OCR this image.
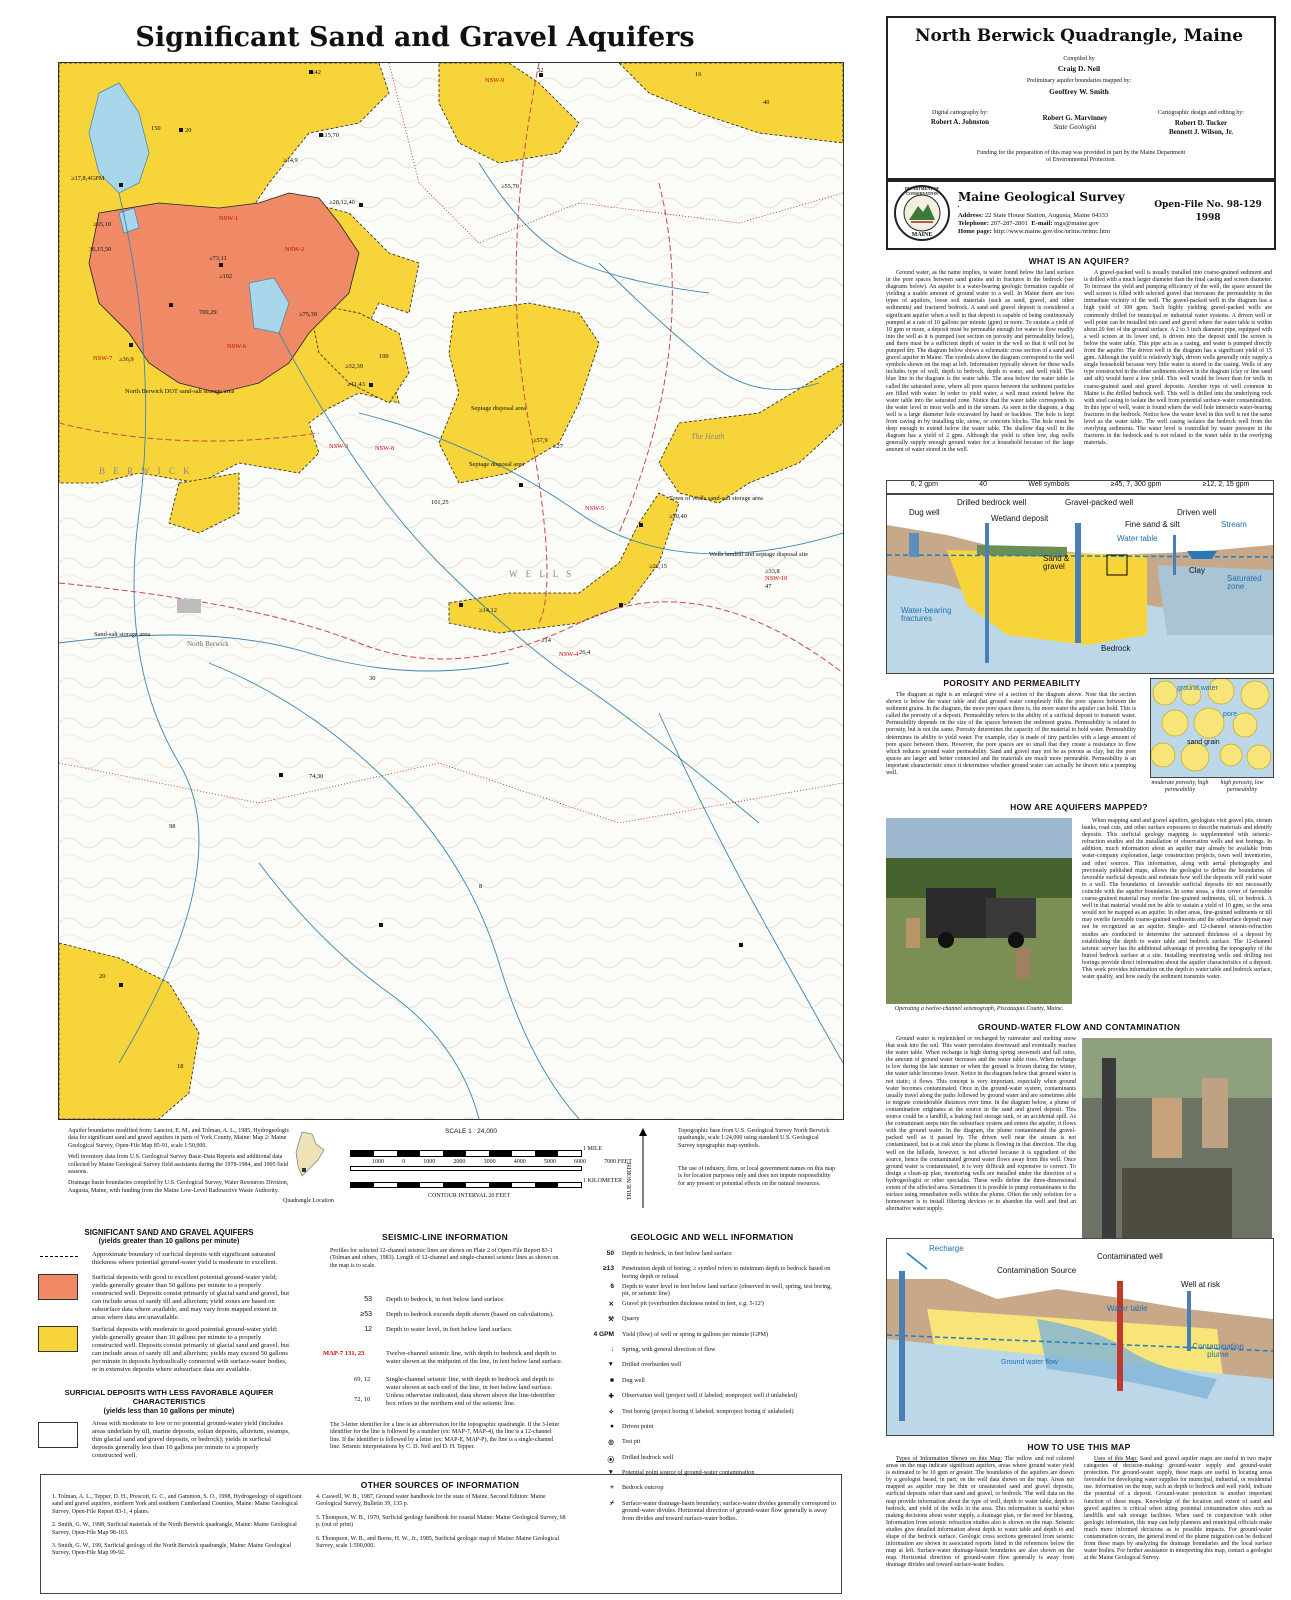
Significant Sand and Gravel Aquifers
North Berwick DOT sand-salt storage area
Septage disposal area
Septage disposal area
Town of Wells sand-salt storage area
Wells landfill and septage disposal site
Sand-salt storage area
W E L L S
B E R W I C K
North Berwick
The Heath
NSW-1
NSW-2
NSW-3
NSW-4
NSW-5
NSW-6
NSW-7
NSW-8
NSW-9
NSW-10
≥42	32
16
40
150	20
≥15,70
≥14,9
≥55,70
≥28,12,40
≥17,8,4GPM
≥65,10
36,15,50
≥73,11
≥102
700,29
≥36,9
≥75,30
≥32,39
≥41,43
100
≥57,9
≥27
74,30
101,25
≥50,40
≥14,12
≥22,15
≥14
26,4
≥33,8
47
20
18
30
98
8
Aquifer boundaries modified from: Lanctot, E. M., and Tolman, A. L., 1985, Hydrogeologic data for significant sand and gravel aquifers in parts of York County, Maine: Map 2: Maine Geological Survey, Open-File Map 85-91, scale 1:50,000.
Well inventory data from U.S. Geological Survey Basic-Data Reports and additional data collected by Maine Geological Survey field assistants during the 1978-1984, and 1995 field seasons.
Drainage basin boundaries compiled by U.S. Geological Survey, Water Resources Division, Augusta, Maine, with funding from the Maine Low-Level Radioactive Waste Authority.
Quadrangle Location
SCALE 1 : 24,000
1 MILE
1000	0	1000	2000	3000	4000	5000	6000	7000 FEET
1 KILOMETER
CONTOUR INTERVAL 20 FEET	TRUE NORTH
Topographic base from U.S. Geological Survey North Berwick quadrangle, scale 1:24,000 using standard U.S. Geological Survey topographic map symbols.
The use of industry, firm, or local government names on this map is for location purposes only and does not impute responsibility for any present or potential effects on the natural resources.
SIGNIFICANT SAND AND GRAVEL AQUIFERS
(yields greater than 10 gallons per minute)
Approximate boundary of surficial deposits with significant saturated thickness where potential ground-water yield is moderate to excellent.
Surficial deposits with good to excellent potential ground-water yield; yields generally greater than 50 gallons per minute to a properly constructed well. Deposits consist primarily of glacial sand and gravel, but can include areas of sandy till and alluvium; yield zones are based on subsurface data where available, and may vary from mapped extent in areas where data are unavailable.
Surficial deposits with moderate to good potential ground-water yield; yields generally greater than 10 gallons per minute to a properly constructed well. Deposits consist primarily of glacial sand and gravel, but can include areas of sandy till and alluvium; yields may exceed 50 gallons per minute in deposits hydraulically connected with surface-water bodies, or in extensive deposits where subsurface data are available.
SURFICIAL DEPOSITS WITH LESS FAVORABLE AQUIFER CHARACTERISTICS
(yields less than 10 gallons per minute)
Areas with moderate to low or no potential ground-water yield (includes areas underlain by till, marine deposits, eolian deposits, alluvium, swamps, thin glacial sand and gravel deposits, or bedrock); yields in surficial deposits generally less than 10 gallons per minute to a properly constructed well.
SEISMIC-LINE INFORMATION
Profiles for selected 12-channel seismic lines are shown on Plate 2 of Open-File Report 83-1 (Tolman and others, 1983). Length of 12-channel and single-channel seismic lines as shown on the map is to scale.
53 Depth to bedrock, in feet below land surface.
≥53 Depth to bedrock exceeds depth shown (based on calculations).
12 Depth to water level, in feet below land surface.
MAP-7 131, 23	Twelve-channel seismic line, with depth to bedrock and depth to water shown at the midpoint of the line, in feet below land surface.
69, 12
72, 10
Single-channel seismic line, with depth to bedrock and depth to water shown at each end of the line, in feet below land surface. Unless otherwise indicated, data shown above the line-identifier box refers to the northern end of the seismic line.
The 3-letter identifier for a line is an abbreviation for the topographic quadrangle. If the 3-letter identifier for the line is followed by a number (ex: MAP-7, MAP-4), the line is a 12-channel line. If the identifier is followed by a letter (ex: MAP-E, MAP-P), the line is a single-channel line. Seismic interpretations by C. D. Neil and D. H. Tepper.
GEOLOGIC AND WELL INFORMATION
50	Depth to bedrock, in feet below land surface
≥13	Penetration depth of boring; ≥ symbol refers to minimum depth to bedrock based on boring depth or refusal
6	Depth to water level in feet below land surface (observed in well, spring, test boring, pit, or seismic line)
✕	Gravel pit (overburden thickness noted in feet, e.g. 5-12')
⚒	Quarry
4 GPM	Yield (flow) of well or spring in gallons per minute (GPM)
↓	Spring, with general direction of flow
▼	Drilled overburden well
■	Dug well
✚	Observation well (project well if labeled; nonproject well if unlabeled)
✧	Test boring (project boring if labeled; nonproject boring if unlabeled)
●	Driven point
◎	Test pit
⦿	Drilled bedrock well
▼	Potential point source of ground-water contamination
+	Bedrock outcrop
⌿	Surface-water drainage-basin boundary; surface-water divides generally correspond to ground-water divides. Horizontal direction of ground-water flow generally is away from divides and toward surface-water bodies.
OTHER SOURCES OF INFORMATION
1. Tolman, A. L., Tepper, D. H., Prescott, G. C., and Gammon, S. O., 1998, Hydrogeology of significant sand and gravel aquifers, northern York and southern Cumberland Counties, Maine: Maine Geological Survey, Open-File Report 83-1, 4 plates.
2. Smith, G. W., 1998, Surficial materials of the North Berwick quadrangle, Maine: Maine Geological Survey, Open-File Map 98-163.
3. Smith, G. W., 199, Surficial geology of the North Berwick quadrangle, Maine: Maine Geological Survey, Open-File Map 99-92.
4. Caswell, W. B., 1987, Ground water handbook for the state of Maine, Second Edition: Maine Geological Survey, Bulletin 39, 135 p.
5. Thompson, W. B., 1979, Surficial geology handbook for coastal Maine: Maine Geological Survey, 68 p. (out of print)
6. Thompson, W. B., and Borns, H. W., Jr., 1985, Surficial geologic map of Maine: Maine Geological Survey, scale 1:500,000.
North Berwick Quadrangle, Maine
Compiled by
Craig D. Neil
Preliminary aquifer boundaries mapped by:
Geoffrey W. Smith
Digital cartography by:
Robert A. Johnston	Robert G. Marvinney
State Geologist
Cartographic design and editing by:
Robert D. Tucker
Bennett J. Wilson, Jr.
Funding for the preparation of this map was provided in part by the Maine Department of Environmental Protection.
DEPARTMENT OF CONSERVATION
MAINE
Maine Geological Survey
Address: 22 State House Station, Augusta, Maine 04333
Telephone: 207-287-2801 E-mail: mgs@maine.gov
Home page: http://www.maine.gov/doc/nrimc/nrimc.htm
Open-File No. 98-129
1998
WHAT IS AN AQUIFER?

Ground water, as the name implies, is water found below the land surface in the pore spaces between sand grains and in fractures in the bedrock (see diagrams below). An aquifer is a water-bearing geologic formation capable of yielding a usable amount of ground water to a well. In Maine there are two types of aquifers, loose soil materials (such as sand, gravel, and other sediments) and fractured bedrock. A sand and gravel deposit is considered a significant aquifer when a well in that deposit is capable of being continuously pumped at a rate of 10 gallons per minute (gpm) or more. To sustain a yield of 10 gpm or more, a deposit must be permeable enough for water to flow readily into the well as it is pumped (see section on porosity and permeability below), and there must be a sufficient depth of water in the well so that it will not be pumped dry. The diagram below shows a schematic cross section of a sand and gravel aquifer in Maine. The symbols above the diagram correspond to the well symbols shown on the map at left. Information typically shown for these wells includes type of well, depth to bedrock, depth to water, and well yield. The blue line in the diagram is the water table. The area below the water table is called the saturated zone, where all pore spaces between the sediment particles are filled with water. In order to yield water, a well must extend below the water table into the saturated zone. Notice that the water table corresponds to the water level in most wells and in the stream. As seen in the diagram, a dug well is a large diameter hole excavated by hand or backhoe. The hole is kept from caving in by installing tile, stone, or concrete blocks. The hole must be deep enough to extend below the water table. The shallow dug well in the diagram has a yield of 2 gpm. Although the yield is often low, dug wells generally supply enough ground water for a household because of the large amount of water stored in the well.

A gravel-packed well is usually installed into coarse-grained sediment and is drilled with a much larger diameter than the final casing and screen diameter. To increase the yield and pumping efficiency of the well, the space around the well screen is filled with selected gravel that increases the permeability in the immediate vicinity of the well. The gravel-packed well in the diagram has a high yield of 300 gpm. Such highly yielding gravel-packed wells are commonly drilled for municipal or industrial water systems. A driven well or well point can be installed into sand and gravel where the water table is within about 20 feet of the ground surface. A 2 to 3 inch diameter pipe, equipped with a well screen at its lower end, is driven into the deposit until the screen is below the water table. This pipe acts as a casing, and water is pumped directly from the aquifer. The driven well in the diagram has a significant yield of 15 gpm. Although the yield is relatively high, driven wells generally only supply a single household because very little water is stored in the casing. Wells of any type constructed in the other sediments shown in the diagram (clay or fine sand and silt) would have a low yield. This well would be lower than for wells in coarse-grained sand and gravel deposits. Another type of well common in Maine is the drilled bedrock well. This well is drilled into the underlying rock with steel casing to isolate the well from potential surface-water contamination. In this type of well, water is found where the well hole intersects water-bearing fractures in the bedrock. Notice how the water level in this well is not the same level as the water table. The well casing isolates the bedrock well from the overlying sediments. The water level is controlled by water pressure in the fractures in the bedrock and is not related to the water table in the overlying materials.

6, 2 gpm	40	Well symbols	≥45, 7, 300 gpm	≥12, 2, 15 gpm
Dug well
Drilled bedrock well	Gravel-packed well
Driven well
Wetland deposit
Fine sand & silt	Stream
Water table
Sand & gravel	Clay
Saturated zone
Water-bearing fractures
Bedrock
POROSITY AND PERMEABILITY

The diagram at right is an enlarged view of a section of the diagram above. Note that the section shown is below the water table and that ground water completely fills the pore spaces between the sediment grains. In the diagram, the more pore space there is, the more water the aquifer can hold. This is called the porosity of a deposit. Permeability refers to the ability of a surficial deposit to transmit water. Permeability depends on the size of the spaces between the sediment grains. Permeability is related to porosity, but is not the same. Porosity determines the capacity of the material to hold water. Permeability determines its ability to yield water. For example, clay is made of tiny particles with a large amount of pore space between them. However, the pore spaces are so small that they create a resistance to flow which reduces ground water permeability. Sand and gravel may not be as porous as clay, but the pore spaces are larger and better connected and the materials are much more permeable. Permeability is an important characteristic since it determines whether ground water can actually be drawn into a pumping well.

ground water
pore
sand grain
moderate porosity, high permeability
high porosity, low permeability
HOW ARE AQUIFERS MAPPED?
Operating a twelve-channel seismograph, Piscataquis County, Maine.

When mapping sand and gravel aquifers, geologists visit gravel pits, stream banks, road cuts, and other surface exposures to describe materials and identify deposits. This surficial geology mapping is supplemented with seismic-refraction studies and the installation of observation wells and test borings. In addition, much information about an aquifer may already be available from water-company exploration, large construction projects, town well inventories, and other sources. This information, along with aerial photography and previously published maps, allows the geologist to define the boundaries of favorable surficial deposits and estimate how well the deposits will yield water to a well. The boundaries of favorable surficial deposits do not necessarily coincide with the aquifer boundaries. In some areas, a thin cover of favorable coarse-grained material may overlie fine-grained sediments, till, or bedrock. A well in that material would not be able to sustain a yield of 10 gpm, so the area would not be mapped as an aquifer. In other areas, fine-grained sediments or till may overlie favorable coarse-grained sediments and the subsurface deposit may not be recognized as an aquifer. Single- and 12-channel seismic-refraction studies are conducted to determine the saturated thickness of a deposit by establishing the depth to water table and bedrock surface. The 12-channel seismic survey has the additional advantage of providing the topography of the buried bedrock surface at a site. Installing monitoring wells and drilling test borings provide direct information about the aquifer characteristics of a deposit. This work provides information on the depth to water table and bedrock surface, water quality, and how easily the sediment transmits water.

GROUND-WATER FLOW AND CONTAMINATION

Ground water is replenished or recharged by rainwater and melting snow that soak into the soil. This water percolates downward and eventually reaches the water table. When recharge is high during spring snowmelt and fall rains, the amount of ground water increases and the water table rises. When recharge is low during the late summer or when the ground is frozen during the winter, the water table becomes lower. Notice in the diagram below that ground water is not static; it flows. This concept is very important, especially when ground water becomes contaminated. Once in the ground-water system, contaminants usually travel along the paths followed by ground water and are sometimes able to migrate considerable distances over time. In the diagram below, a plume of contamination originates at the source in the sand and gravel deposit. This source could be a landfill, a leaking fuel storage tank, or an accidental spill. As the contaminant seeps into the subsurface system and enters the aquifer, it flows with the ground water. In the diagram, the plume contaminated the gravel-packed well as it passed by. The driven well near the stream is not contaminated, but is at risk since the plume is flowing in that direction. The dug well on the hillside, however, is not affected because it is upgradient of the source, hence the contaminated ground water flows away from this well. Once ground water is contaminated, it is very difficult and expensive to correct. To design a clean-up plan, monitoring wells are installed under the direction of a hydrogeologist or other specialist. These wells define the three-dimensional extent of the affected area. Sometimes it is possible to pump contaminants to the surface using remediation wells within the plume. Often the only solution for a homeowner is to install filtering devices or to abandon the well and find an alternative water supply.

Recharge
Contamination Source
Contaminated well
Well at risk
Water table
Contamination plume
Ground water flow
HOW TO USE THIS MAP

Types of Information Shown on this Map: The yellow and red colored areas on the map indicate significant aquifers, areas where ground water yield is estimated to be 10 gpm or greater. The boundaries of the aquifers are drawn by a geologist based, in part, on the well data shown on the map. Areas not mapped as aquifer may be thin or unsaturated sand and gravel deposits, surficial deposits other than sand and gravel, or bedrock. The well data on the map provide information about the type of well, depth to water table, depth to bedrock, and yield of the wells in the area. This information is useful when making decisions about water supply, a drainage plan, or the need for blasting. Information from seismic refraction studies also is shown on the map. Seismic studies give detailed information about depth to water table and depth to and shape of the bedrock surface. Geologic cross sections generated from seismic information are shown in associated reports listed in the references below the map at left. Surface-water drainage-basin boundaries are also shown on the map. Horizontal direction of ground-water flow generally is away from drainage divides and toward surface-water bodies.

Uses of this Map: Sand and gravel aquifer maps are useful in two major categories of decision-making: ground-water supply and ground-water protection. For ground-water supply, these maps are useful in locating areas favorable for developing water supplies for municipal, industrial, or residential use. Information on the map, such as depth to bedrock and well yield, indicate the potential of a deposit. Ground-water protection is another important function of these maps. Knowledge of the location and extent of sand and gravel aquifers is critical when siting potential contamination sites such as landfills and salt storage facilities. When used in conjunction with other geologic information, this map can help planners and municipal officials make much more informed decisions as to possible impacts. For ground-water contamination occurs, the general trend of the plume migration can be deduced from these maps by analyzing the drainage boundaries and the local surface water bodies. For further assistance in interpreting this map, contact a geologist at the Maine Geological Survey.
